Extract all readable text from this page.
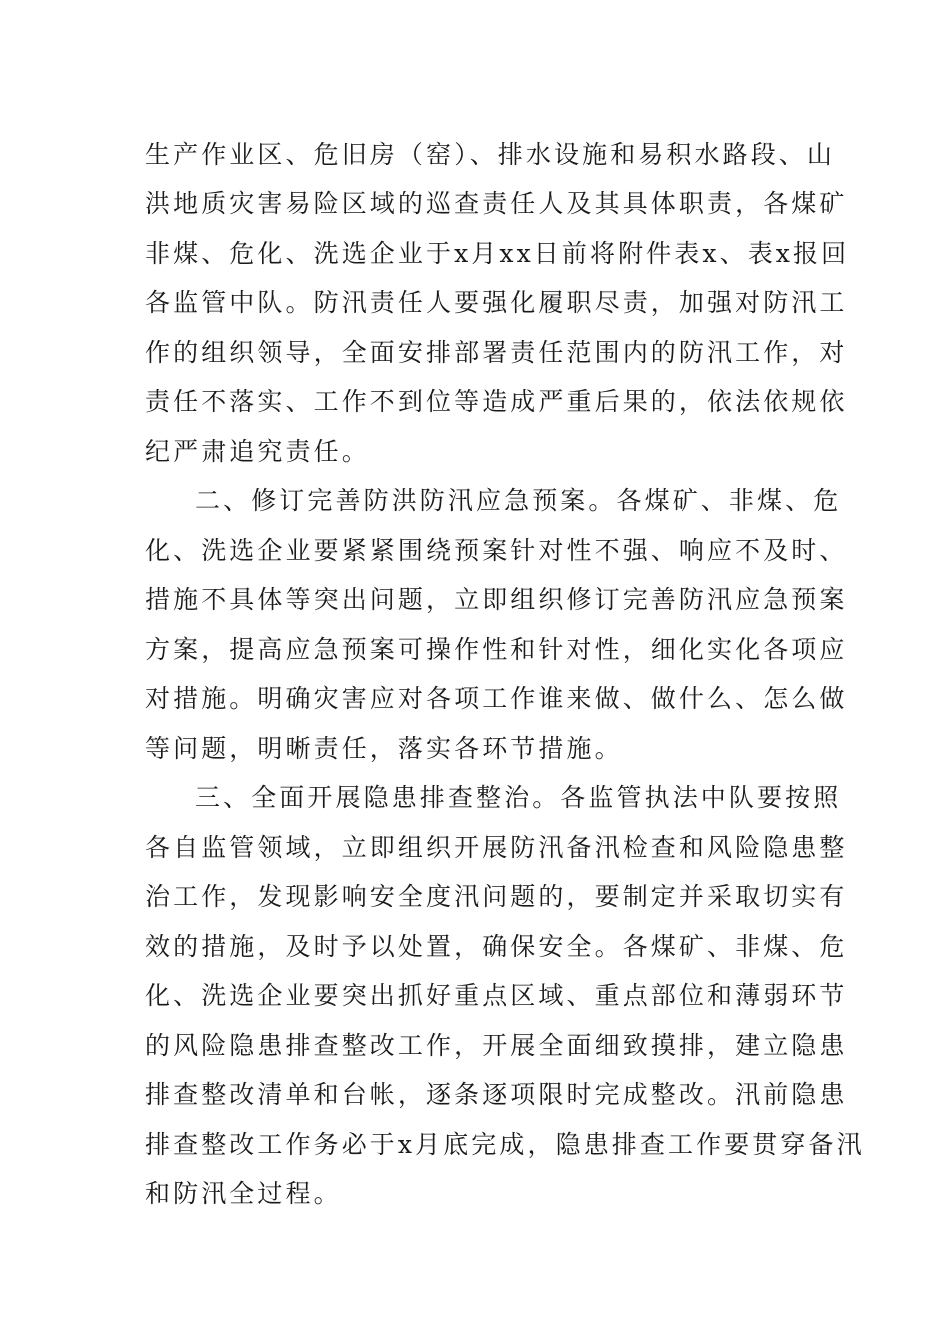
生产作业区、危旧房（窑）、排水设施和易积水路段、山
洪地质灾害易险区域的巡查责任人及其具体职责，各煤矿
非煤、危化、洗选企业于x月xx日前将附件表x、表x报回
各监管中队。防汛责任人要强化履职尽责，加强对防汛工
作的组织领导，全面安排部署责任范围内的防汛工作，对
责任不落实、工作不到位等造成严重后果的，依法依规依
纪严肃追究责任。
二、修订完善防洪防汛应急预案。各煤矿、非煤、危
化、洗选企业要紧紧围绕预案针对性不强、响应不及时、
措施不具体等突出问题，立即组织修订完善防汛应急预案
方案，提高应急预案可操作性和针对性，细化实化各项应
对措施。明确灾害应对各项工作谁来做、做什么、怎么做
等问题，明晰责任，落实各环节措施。
三、全面开展隐患排查整治。各监管执法中队要按照
各自监管领域，立即组织开展防汛备汛检查和风险隐患整
治工作，发现影响安全度汛问题的，要制定并采取切实有
效的措施，及时予以处置，确保安全。各煤矿、非煤、危
化、洗选企业要突出抓好重点区域、重点部位和薄弱环节
的风险隐患排查整改工作，开展全面细致摸排，建立隐患
排查整改清单和台帐，逐条逐项限时完成整改。汛前隐患
排查整改工作务必于x月底完成，隐患排查工作要贯穿备汛
和防汛全过程。
